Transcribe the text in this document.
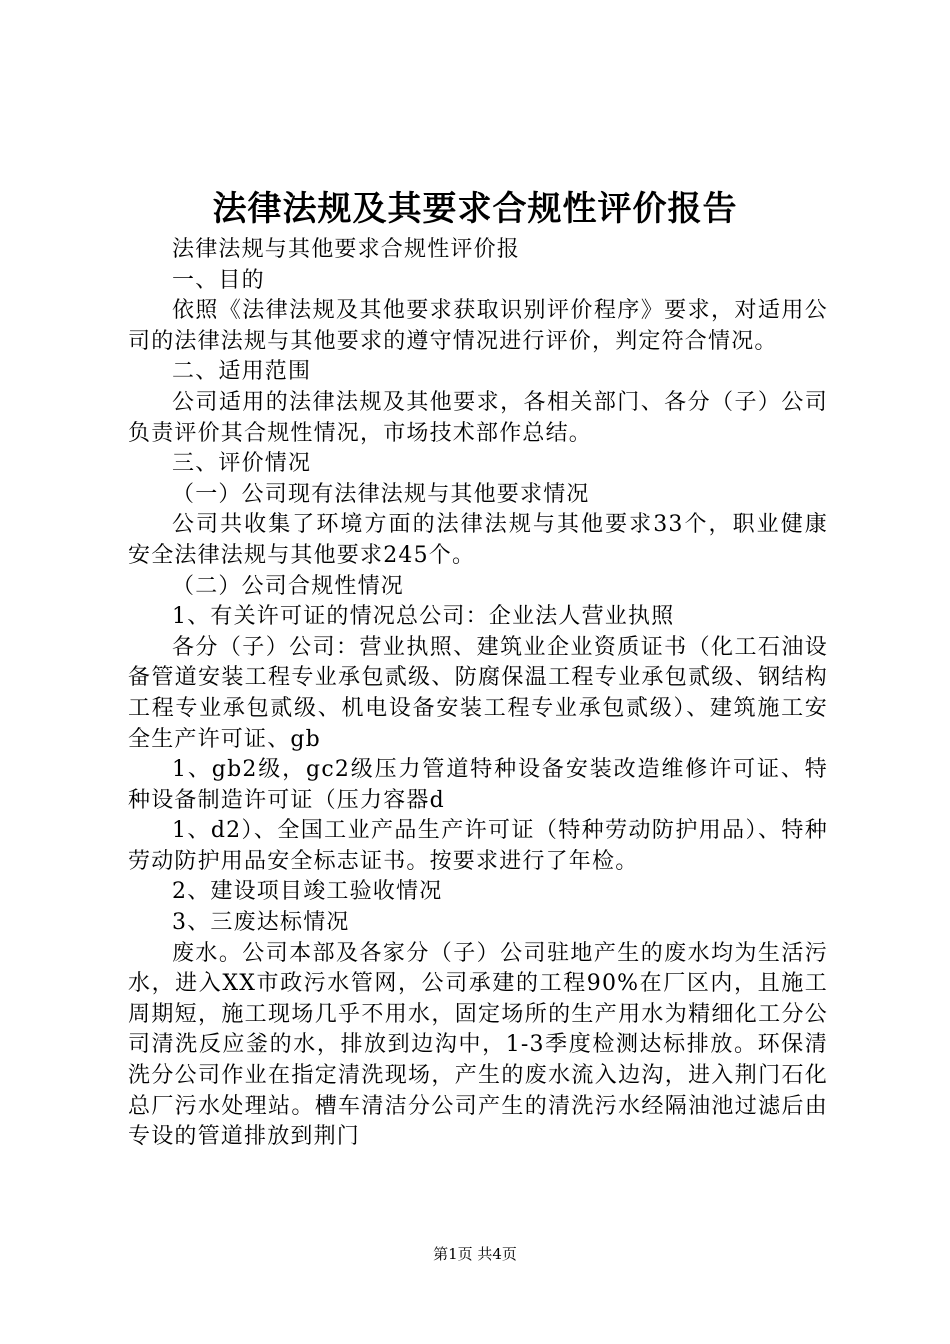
法律法规及其要求合规性评价报告

法律法规与其他要求合规性评价报

一、目的

依照《法律法规及其他要求获取识别评价程序》要求，对适用公司的法律法规与其他要求的遵守情况进行评价，判定符合情况。

二、适用范围

公司适用的法律法规及其他要求，各相关部门、各分（子）公司负责评价其合规性情况，市场技术部作总结。

三、评价情况

（一）公司现有法律法规与其他要求情况

公司共收集了环境方面的法律法规与其他要求33个，职业健康安全法律法规与其他要求245个。

（二）公司合规性情况

1、有关许可证的情况总公司：企业法人营业执照

各分（子）公司：营业执照、建筑业企业资质证书（化工石油设备管道安装工程专业承包贰级、防腐保温工程专业承包贰级、钢结构工程专业承包贰级、机电设备安装工程专业承包贰级）、建筑施工安全生产许可证、gb

1、gb2级，gc2级压力管道特种设备安装改造维修许可证、特种设备制造许可证（压力容器d

1、d2）、全国工业产品生产许可证（特种劳动防护用品）、特种劳动防护用品安全标志证书。按要求进行了年检。

2、建设项目竣工验收情况

3、三废达标情况

废水。公司本部及各家分（子）公司驻地产生的废水均为生活污水，进入XX市政污水管网，公司承建的工程90%在厂区内，且施工周期短，施工现场几乎不用水，固定场所的生产用水为精细化工分公司清洗反应釜的水，排放到边沟中，1-3季度检测达标排放。环保清洗分公司作业在指定清洗现场，产生的废水流入边沟，进入荆门石化总厂污水处理站。槽车清洁分公司产生的清洗污水经隔油池过滤后由专设的管道排放到荆门

第1页 共4页
